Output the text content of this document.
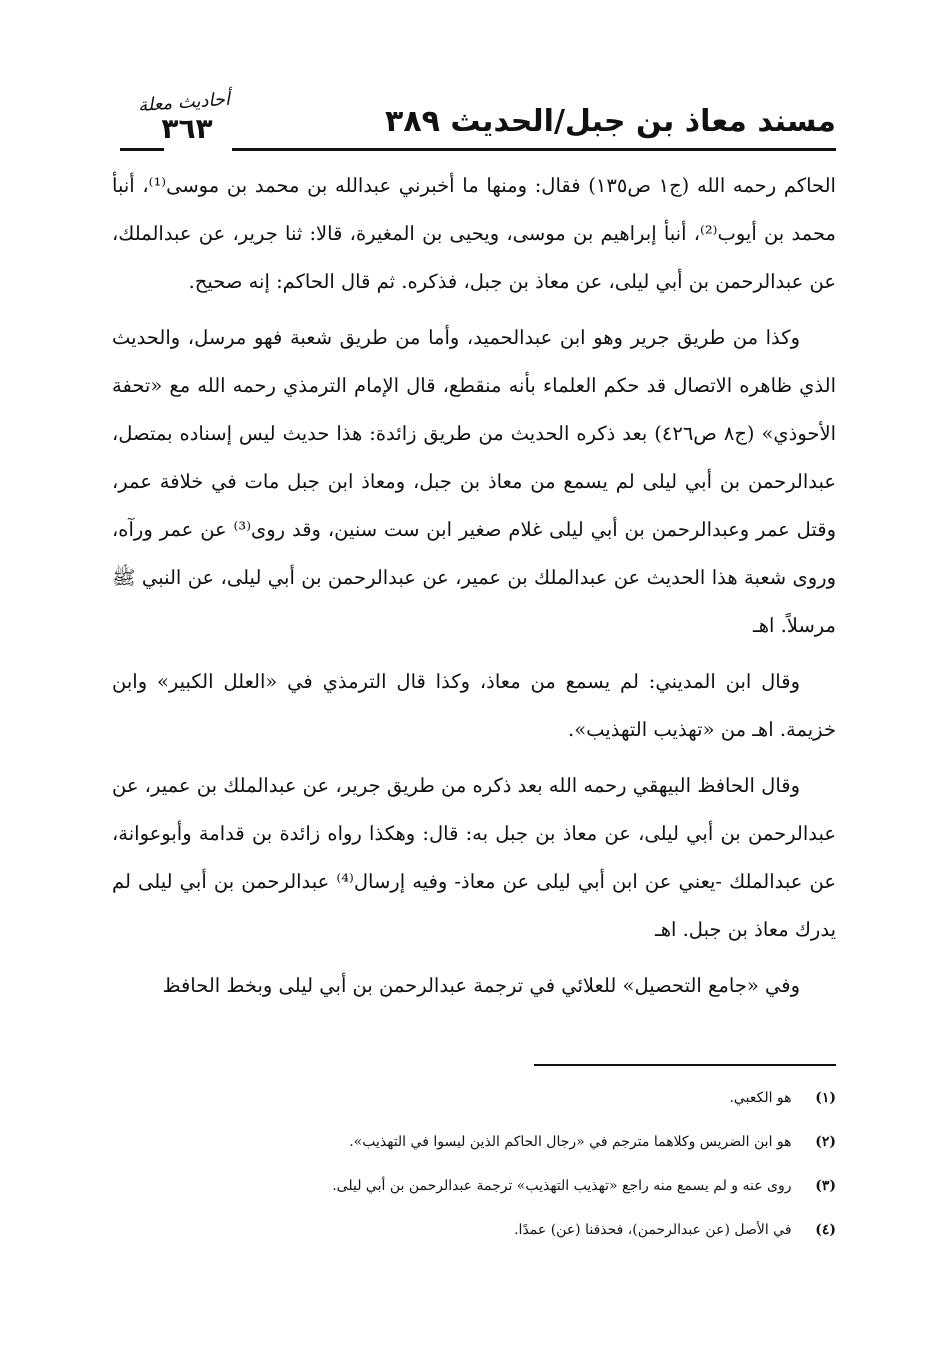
مسند معاذ بن جبل/الحديث ٣٨٩
أحاديث معلة
٣٦٣

الحاكم رحمه الله (ج١ ص١٣٥) فقال: ومنها ما أخبرني عبدالله بن محمد بن موسى⁽¹⁾، أنبأ محمد بن أيوب⁽²⁾، أنبأ إبراهيم بن موسى، ويحيى بن المغيرة، قالا: ثنا جرير، عن عبدالملك، عن عبدالرحمن بن أبي ليلى، عن معاذ بن جبل، فذكره. ثم قال الحاكم: إنه صحيح.

وكذا من طريق جرير وهو ابن عبدالحميد، وأما من طريق شعبة فهو مرسل، والحديث الذي ظاهره الاتصال قد حكم العلماء بأنه منقطع، قال الإمام الترمذي رحمه الله مع «تحفة الأحوذي» (ج٨ ص٤٢٦) بعد ذكره الحديث من طريق زائدة: هذا حديث ليس إسناده بمتصل، عبدالرحمن بن أبي ليلى لم يسمع من معاذ بن جبل، ومعاذ ابن جبل مات في خلافة عمر، وقتل عمر وعبدالرحمن بن أبي ليلى غلام صغير ابن ست سنين، وقد روى⁽³⁾ عن عمر ورآه، وروى شعبة هذا الحديث عن عبدالملك بن عمير، عن عبدالرحمن بن أبي ليلى، عن النبي ﷺ مرسلاً. اهـ

وقال ابن المديني: لم يسمع من معاذ، وكذا قال الترمذي في «العلل الكبير» وابن خزيمة. اهـ من «تهذيب التهذيب».

وقال الحافظ البيهقي رحمه الله بعد ذكره من طريق جرير، عن عبدالملك بن عمير، عن عبدالرحمن بن أبي ليلى، عن معاذ بن جبل به: قال: وهكذا رواه زائدة بن قدامة وأبوعوانة، عن عبدالملك -يعني عن ابن أبي ليلى عن معاذ- وفيه إرسال⁽⁴⁾ عبدالرحمن بن أبي ليلى لم يدرك معاذ بن جبل. اهـ

وفي «جامع التحصيل» للعلائي في ترجمة عبدالرحمن بن أبي ليلى وبخط الحافظ

(١) هو الكعبي.
(٢) هو ابن الضريس وكلاهما مترجم في «رجال الحاكم الذين ليسوا في التهذيب».
(٣) روى عنه و لم يسمع منه راجع «تهذيب التهذيب» ترجمة عبدالرحمن بن أبي ليلى.
(٤) في الأصل (عن عبدالرحمن)، فحذفنا (عن) عمدًا.
